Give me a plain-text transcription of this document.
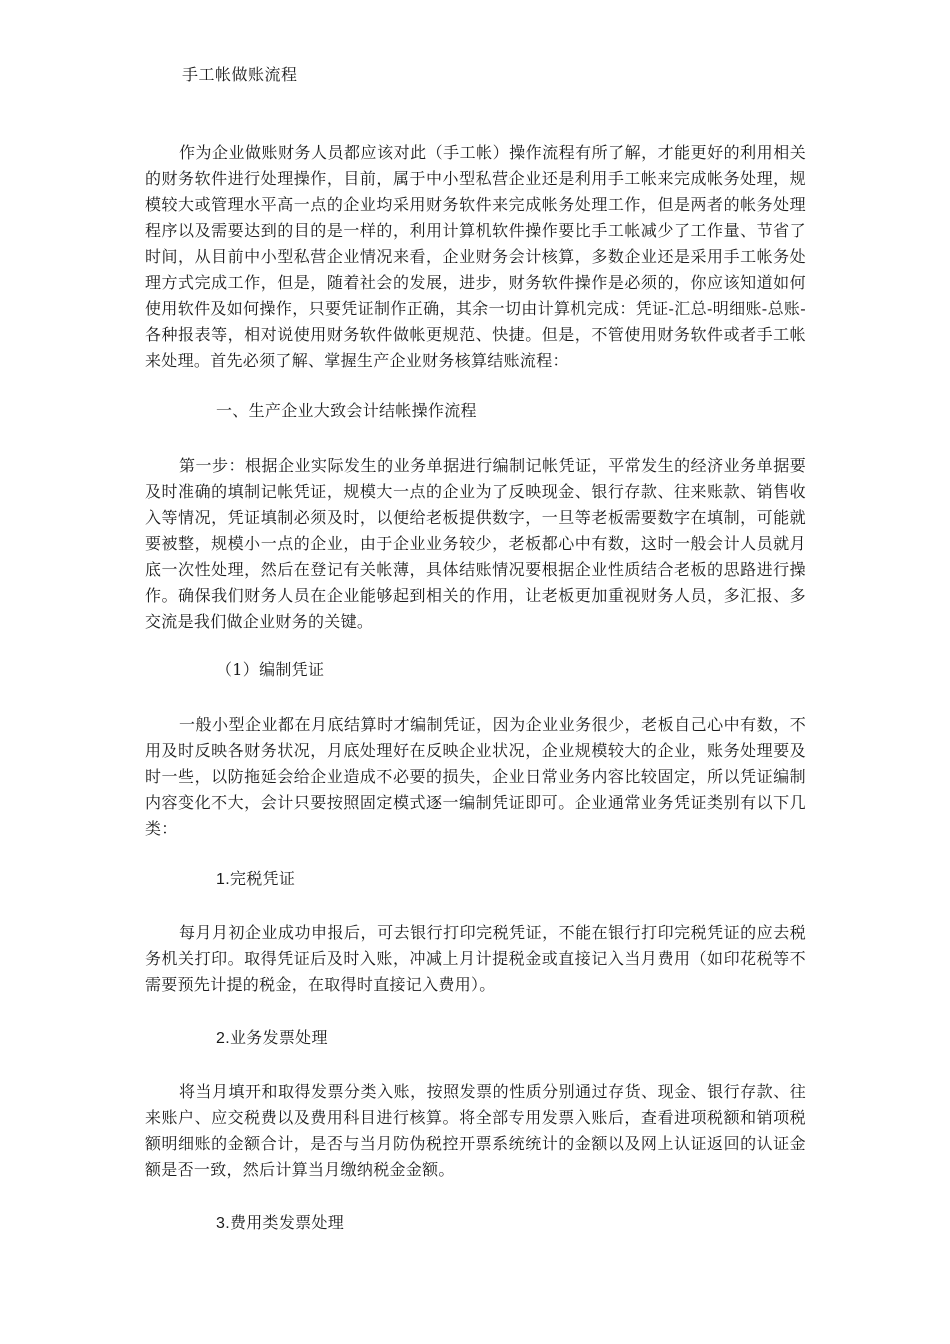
手工帐做账流程

作为企业做账财务人员都应该对此（手工帐）操作流程有所了解，才能更好的利用相关的财务软件进行处理操作，目前，属于中小型私营企业还是利用手工帐来完成帐务处理，规模较大或管理水平高一点的企业均采用财务软件来完成帐务处理工作，但是两者的帐务处理程序以及需要达到的目的是一样的，利用计算机软件操作要比手工帐减少了工作量、节省了时间，从目前中小型私营企业情况来看，企业财务会计核算，多数企业还是采用手工帐务处理方式完成工作，但是，随着社会的发展，进步，财务软件操作是必须的，你应该知道如何使用软件及如何操作，只要凭证制作正确，其余一切由计算机完成：凭证-汇总-明细账-总账-各种报表等，相对说使用财务软件做帐更规范、快捷。但是，不管使用财务软件或者手工帐来处理。首先必须了解、掌握生产企业财务核算结账流程：

一、生产企业大致会计结帐操作流程

第一步：根据企业实际发生的业务单据进行编制记帐凭证，平常发生的经济业务单据要及时准确的填制记帐凭证，规模大一点的企业为了反映现金、银行存款、往来账款、销售收入等情况，凭证填制必须及时，以便给老板提供数字，一旦等老板需要数字在填制，可能就要被整，规模小一点的企业，由于企业业务较少，老板都心中有数，这时一般会计人员就月底一次性处理，然后在登记有关帐薄，具体结账情况要根据企业性质结合老板的思路进行操作。确保我们财务人员在企业能够起到相关的作用，让老板更加重视财务人员，多汇报、多交流是我们做企业财务的关键。

（1）编制凭证

一般小型企业都在月底结算时才编制凭证，因为企业业务很少，老板自己心中有数，不用及时反映各财务状况，月底处理好在反映企业状况，企业规模较大的企业，账务处理要及时一些，以防拖延会给企业造成不必要的损失，企业日常业务内容比较固定，所以凭证编制内容变化不大，会计只要按照固定模式逐一编制凭证即可。企业通常业务凭证类别有以下几类：

1.完税凭证

每月月初企业成功申报后，可去银行打印完税凭证，不能在银行打印完税凭证的应去税务机关打印。取得凭证后及时入账，冲减上月计提税金或直接记入当月费用（如印花税等不需要预先计提的税金，在取得时直接记入费用）。

2.业务发票处理

将当月填开和取得发票分类入账，按照发票的性质分别通过存货、现金、银行存款、往来账户、应交税费以及费用科目进行核算。将全部专用发票入账后，查看进项税额和销项税额明细账的金额合计，是否与当月防伪税控开票系统统计的金额以及网上认证返回的认证金额是否一致，然后计算当月缴纳税金金额。

3.费用类发票处理
